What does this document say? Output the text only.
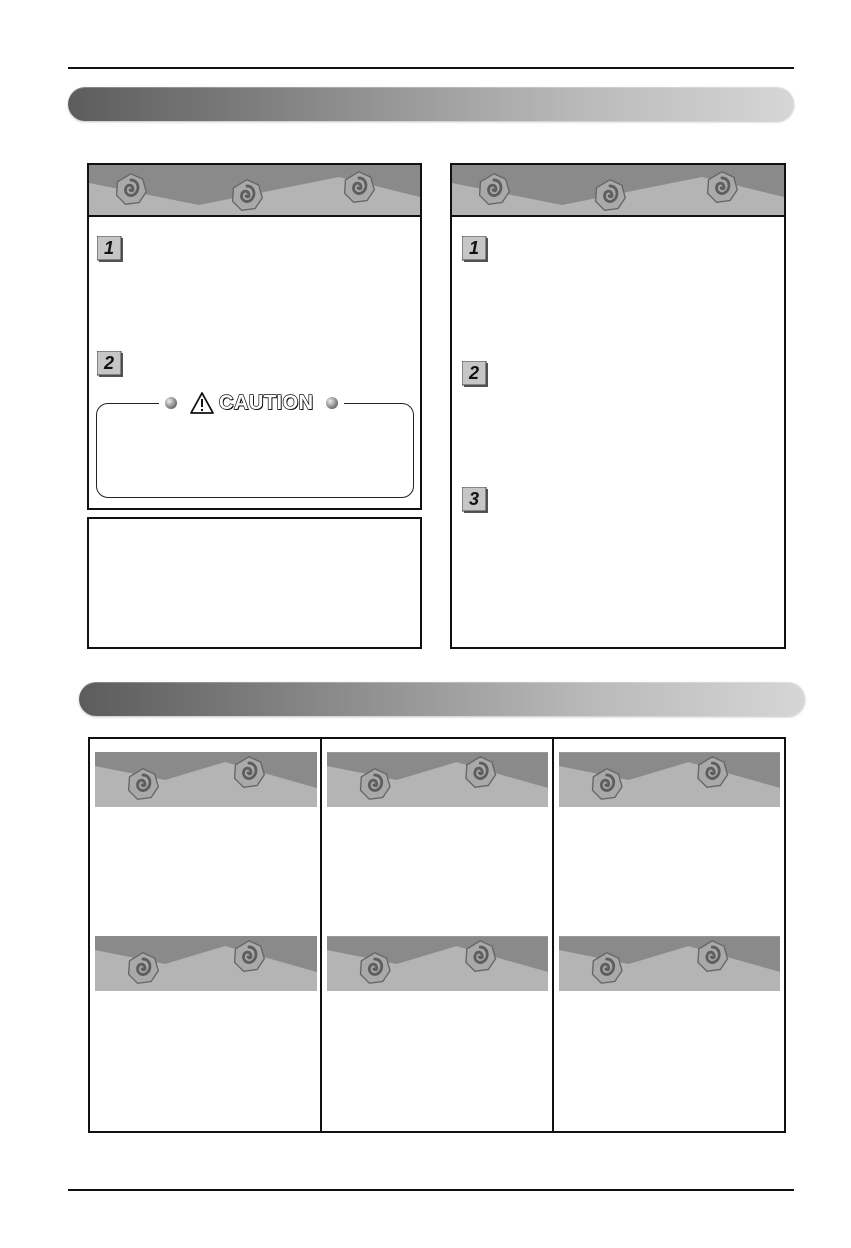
1
2
CAUTION
1
2
3
